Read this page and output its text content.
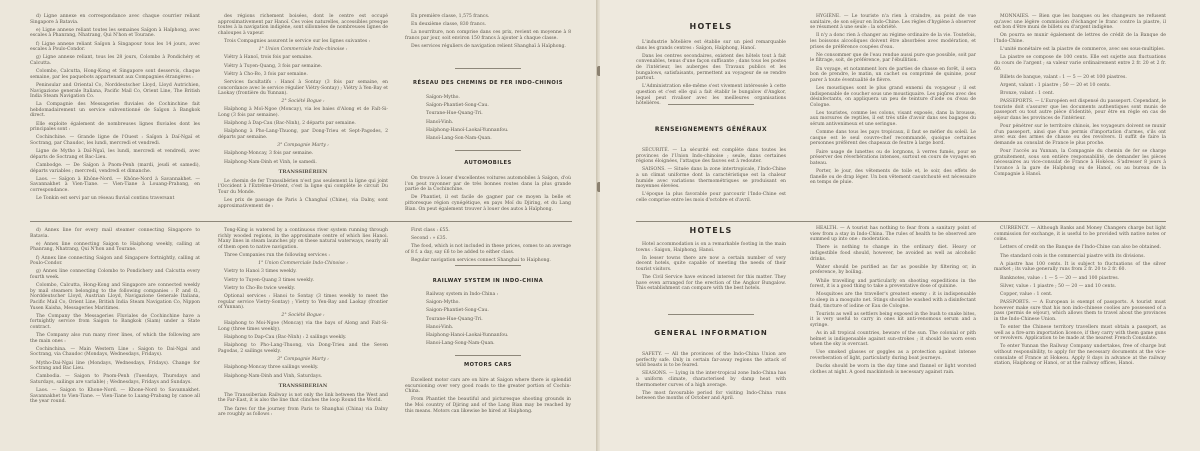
d) Ligne annexe en correspondance avec chaque courrier reliant Singapore à Batavia.

e) Ligne annexe reliant toutes les semaines Saïgon à Haïphong, avec escales à Phanrang, Nhatrang, Qui N'hon et Tourane.

f) Ligne annexe reliant Saïgon à Singapour tous les 14 jours, avec escales à Poulo-Condor.

g) Ligne annexe reliant, tous les 28 jours, Colombo à Pondichéry et Calcutta.

Colombo, Calcutta, Hong-Kong et Singapore sont desservis, chaque semaine, par les paquebots appartenant aux Compagnies étrangères :

Peninsular and Oriental Co, Norddeutscher Lloyd, Lloyd Autrichien, Navigazione generale Italiana, Pacific Mail Co, Orient Line, The British India Steam Navigation Co.

La Compagnie des Messageries fluviales de Cochinchine fait hebdomadairement un service subventionné de Saïgon à Bangkok direct.

Elle exploite également de nombreuses lignes fluviales dont les principales sont :

Cochinchine. — Grande ligne de l'Ouest : Saïgon à Daï-Ngaï et Soctrang, par Chaudoc, les lundi, mercredi et vendredi.

Ligne de Mytho à Daï-Ngaï, les lundi, mercredi et vendredi, avec départs de Soctrang et Bac-Lieu.

Cambodge. — De Saïgon à Pnom-Penh (mardi, jeudi et samedi), départs variables ; mercredi, vendredi et dimanche.

Laos. — Saïgon à Khône-Nord. — Khône-Nord à Savannakhet. — Savannakhet à Vien-Tiane. — Vien-Tiane à Louang-Prabang, en correspondance.

Le Tonkin est servi par un réseau fluvial continu traversant

des régions richement boisées, dont le centre est occupé approximativement par Hanoï. Ces voies naturelles, accessibles presque toutes à la navigation indigène, sont sillonnées de nombreuses lignes de chaloupes à vapeur.

Trois Compagnies assurent le service sur les lignes suivantes :

1° Union Commerciale Indo-chinoise :

Viétry à Hanoï, trois fois par semaine.

Viétry à Tuyen-Quang, 3 fois par semaine.

Viétry à Cho-Bo, 3 fois par semaine.

Services facultatifs : Hanoï à Sontay (3 fois par semaine, en concordance avec le service régulier Viétry-Sontay) ; Viétry à Yen-Bay et Laokay (frontière du Yunnan).

2° Société Bogue :

Haïphong à Moï-Ngoe (Moncay), via les baies d'Along et de Faït-Si-Long (3 fois par semaine).

Haïphong à Dap-Cau (Bac-Ninh), 2 départs par semaine.

Haïphong à Pho-Lang-Thuong, par Dong-Trieu et Sept-Pagodes, 2 départs par semaine.

3° Compagnie Marty :

Haïphong-Moncay, 3 fois par semaine.

Haïphong-Nam-Dinh et Vinh, le samedi.

TRANSSIBÉRIEN

Le chemin de fer Transsibérien n'est pas seulement la ligne qui joint l'Occident à l'Extrême-Orient, c'est la ligne qui complète le circuit Du Tour du Monde.

Les prix de passage de Paris à Changhaï (Chine), via Dalny, sont approximativement de :

En première classe, 1,575 francs.

En deuxième classe, 830 francs.

La nourriture, non comprise dans ces prix, revient en moyenne à 8 francs par jour, soit environ 150 francs à ajouter à chaque classe.

Des services réguliers de navigation relient Shanghaï à Haïphong.

RÉSEAU DES CHEMINS DE FER INDO-CHINOIS

Saïgon-Mytho.

Saïgon-Phantiet-Song-Cau.

Tourane-Hue-Quang-Tri.

Hanoï-Vinh.

Haïphong-Hanoï-Laokaï-Yunnanfou.

Hanoï-Lang-Son-Nam-Quan.

AUTOMOBILES

On trouve à louer d'excellentes voitures automobiles à Saïgon, d'où l'on peut rayonner par de très bonnes routes dans la plus grande partie de la Cochinchine.

De Phantiet, il est facile de gagner par ce moyen la belle et pittoresque région cynégétique, en pays Moï du Djiring, et du Lang Bian. On peut également trouver à louer des autos à Haïphong.

d) Annex line for every mail steamer connecting Singapore to Batavia.

e) Annex line connecting Saigon to Haiphong weekly, calling at Phanrang, Nhatrang, Qui N'hon and Tourane.

f) Annex line connecting Saigon and Singapore fortnightly, calling at Poulo-Condor.

g) Annex line connecting Colombo to Pondichery and Calcutta every fourth week.

Colombo, Calcutta, Hong-Kong and Singapore are connected weekly by mail steamers belonging to the following companies : P. and O., Norddeutscher Lloyd, Austrian Lloyd, Navigazione Generale Italiana, Pacific Mail Co, Orient Line, British India Steam Navigation Co, Nippon Yusen Kaisha, Messageries Maritimes.

The Company the Messageries Fluviales de Cochinchine have a fortnightly service from Saigon to Bangkok (Siam) under a State contract.

The Company also run many river lines, of which the following are the main ones :

Cochinchina. — Main Western Line : Saigon to Dai-Ngai and Soctrang, via Chaudoc (Mondays, Wednesdays, Fridays).

Mytho-Dai-Ngai line (Mondays, Wednesdays, Fridays). Change for Soctrang and Bac Lieu.

Cambodia. — Saigon to Pnom-Penh (Tuesdays, Thursdays and Saturdays, sailings are variable) ; Wednesdays, Fridays and Sundays.

Laos. — Saigon to Khone-Nord. — Khone-Nord to Savannakhet. Savannakhet to Vien-Tiane. — Vien-Tiane to Luang-Prabang by canoe all the year round.

Tong-King is watered by a continuous river system running through richly wooded regions, in the approximate centre of which lies Hanoi. Many lines in steam launches ply on these natural waterways, nearly all of them open to native navigation.

Three Companies run the following services :

1° Union Commerciale Indo-Chinoise :

Vietry to Hanoi 3 times weekly.

Vietry to Tuyen-Quang 3 times weekly.

Vietry to Cho-Bo twice weekly.

Optional services : Hanoi to Sontay (3 times weekly to meet the regular service Vietry-Sontay) ; Vietry to Yen-Bay and Laokay (frontier of Yunnan).

2° Société Bogue :

Haiphong to Moi-Ngoe (Moncay) via the bays of Along and Fait-Si-Long (three times weekly).

Haiphong to Dap-Cau (Bac-Ninh) : 2 sailings weekly.

Haiphong to Pho-Lang-Thuong, via Dong-Trieu and the Seven Pagodas, 2 sailings weekly.

3° Compagnie Marty :

Haiphong-Moncay three sailings weekly.

Haiphong-Nam-Dinh and Vinh, Saturdays.

TRANSSIBERIAN

The Transsiberian Railway is not only the link between the West and the Far-East, it is also the line that clinches the loop Round the World.

The fares for the journey from Paris to Shanghai (China) via Dalny are roughly as follows :

First class : £55.

Second : » £35.

The food, which is not included in these prices, comes to an average of 8 f. a day, say £6 to be added to either class.

Regular navigation services connect Shanghai to Haiphong.

RAILWAY SYSTEM IN INDO-CHINA

Railway system in Indo-China :

Saigon-Mytho.

Saigon-Phantiet-Song-Cau.

Tourane-Hue-Quang-Tri.

Hanoi-Vinh.

Haiphong-Hanoi-Laokai-Yunnanfou.

Hanoi-Lang-Song-Nam-Quan.

MOTORS CARS

Excellent motor cars are on hire at Saigon where there is splendid excursioning over very good roads to the greater portion of Cochin-China.

From Phantiet the beautiful and picturesque shooting grounds in the Moi country of Djiring and of the Lang Bian may be reached by this means. Motors can likewise be hired at Haiphong.

HOTELS

L'industrie hôtelière est établie sur un pied remarquable dans les grands centres : Saïgon, Haïphong, Hanoï.

Dans les centres secondaires, existent des hôtels tout à fait convenables, tenus d'une façon suffisante ; dans tous les postes de l'intérieur, les auberges des Travaux publics et les bungalows, satisfaisants, permettent au voyageur de se rendre partout.

L'Administration elle-même s'est vivement intéressée à cette question et c'est elle qui a fait établir le bungalow d'Angkor, lequel peut rivaliser avec les meilleures organisations hôtelières.

RENSEIGNEMENTS GÉNÉRAUX

SÉCURITÉ. — La sécurité est complète dans toutes les provinces de l'Union Indo-chinoise ; seule, dans certaines régions éloignées, l'attaque des fauves est à redouter.

SAISONS. — Située dans la zone intertropicale, l'Indo-Chine a un climat uniforme dont la caractéristique est la chaleur humide avec variations thermométriques se produisant en moyennes élevées.

L'époque la plus favorable pour parcourir l'Indo-Chine est celle comprise entre les mois d'octobre et d'avril.

HYGIÈNE. — Le touriste n'a rien à craindre, au point de vue sanitaire, de son séjour en Indo-Chine. Les règles d'hygiène à observer se résument à une seule : la sobriété.

Il n'y a donc rien à changer au régime ordinaire de la vie. Toutefois, les boissons alcooliques doivent être absorbées avec modération, et prises de préférence coupées d'eau.

Ne consommer que de l'eau rendue aussi pure que possible, soit par le filtrage, soit, de préférence, par l'ébullition.

En voyage, et notamment lors de parties de chasse en forêt, il sera bon de prendre, le matin, un cachet ou comprimé de quinine, pour parer à toute éventualité de fièvre.

Les moustiques sont le plus grand ennemi du voyageur ; il est indispensable de coucher sous une moustiquaire. Les piqûres avec des désinfectants, on appliquera un peu de teinture d'iode ou d'eau de Cologne.

Les touristes, comme les colons, visant exposés, dans la brousse, aux morsures de reptiles, il est très utile d'avoir dans ses bagages du sérum antivenimeux et une seringue.

Comme dans tous les pays tropicaux, il faut se méfier du soleil. Le casque est le seul couvre-chef recommandé, quoique certaines personnes préfèrent des chapeaux de feutre à large bord.

Faire usage de lunettes ou de lorgnons, à verres fumés, pour se préserver des réverbérations intenses, surtout en cours de voyages en bateau.

Porter, le jour, des vêtements de toile et, le soir, des effets de flanelle ou de drap léger. Un bon vêtement caoutchouté est nécessaire en temps de pluie.

MONNAIES. — Bien que les banques ou les changeurs ne refusent qu'avec une légère commission d'échanger le franc contre la piastre, il est bon d'être muni de billets ou d'argent indigène.

On pourra se munir également de lettres de crédit de la Banque de l'Indo-Chine.

L'unité monétaire est la piastre de commerce, avec ses sous-multiples.

La piastre se compose de 100 cents. Elle est sujette aux fluctuations du cours de l'argent ; sa valeur varie ordinairement entre 2 fr. 20 et 2 fr. 60.

Billets de banque, valant : 1 — 5 — 20 et 100 piastres.

Argent, valant : 1 piastre ; 50 — 20 et 10 cents.

Bronze, valant : 1 cent.

PASSEPORTS. — L'Européen est dispensé du passeport. Cependant, le touriste doit s'assurer que les documents authentiques sont munis de passeport ou tout autre pièce d'identité, pour être en règle en cas de séjour dans les provinces de l'intérieur.

Pour pénétrer sur le territoire chinois, les voyageurs doivent se munir d'un passeport, ainsi que d'un permis d'importation d'armes, s'ils ont avec eux des armes de chasse ou des revolvers. Il suffit de faire la demande au consulat de France le plus proche.

Pour l'accès au Yunnan, la Compagnie du chemin de fer se charge gratuitement, sous son entière responsabilité, de demander les pièces nécessaires au vice-consulat de France à Hokéou. S'adresser 8 jours à l'avance à la gare de Haïphong ou de Hanoï, ou au bureau de la Compagnie à Hanoï.

HOTELS

Hotel accommodation is on a remarkable footing in the main towns : Saigon, Haiphong, Hanoi.

In lesser towns there are now a certain number of very decent hotels, quite capable of meeting the needs of their tourist visitors.

The Civil Service have evinced interest for this matter. They have even arranged for the erection of the Angkor Bungalow. This establishment can compare with the best hotels.

GENERAL INFORMATION

SAFETY. — All the provinces of the Indo-China Union are perfectly safe. Only in certain far-away regions the attack of wild beasts is to be feared.

SEASONS. — Lying in the inter-tropical zone Indo-China has a uniform climate, characterised by damp heat with thermometer curves of a high average.

The most favourable period for visiting Indo-China runs between the months of October and April.

HEALTH. — A tourist has nothing to fear from a sanitary point of view from a stay in Indo-China. The rules of health to be observed are summed up into one : moderation.

There is nothing to change in the ordinary diet. Heavy or indigestible food should, however, be avoided as well as alcoholic drinks.

Water should be purified as far as possible by filtering or, in preference, by boiling.

While travelling and particularly on shooting expeditions in the forest, it is a good thing to take a preventative dose of quinine.

Mosquitoes are the traveller's greatest enemy : it is indispensable to sleep in a mosquito net. Stings should be washed with a disinfectant fluid, tincture of iodine or Eau de Cologne.

Tourists as well as settlers being exposed in the bush to snake bites, it is very useful to carry in ones kit anti-venomous serum and a syringe.

As in all tropical countries, beware of the sun. The colonial or pith helmet is indispensable against sun-strokes ; it should be worn even when the sky is overcast.

Use smoked glasses or goggles as a protection against intense reverberation of light, particularly during boat journeys.

Ducks should be worn in the day time and flannel or light worsted clothes at night. A good mackintosh is necessary against rain.

CURRENCY. — Although Banks and Money Changers charge but light commission for exchange, it is useful to be provided with native notes or coins.

Letters of credit on the Banque de l'Indo-Chine can also be obtained.

The standard coin is the commercial piastre with its divisions.

A piastre has 100 cents. It is subject to fluctuations of the silver market ; its value generally runs from 2 fr. 20 to 2 fr. 60.

Banknotes, value : 1 — 5 — 20 — and 100 piastres.

Silver, value : 1 piastre ; 50 — 20 — and 10 cents.

Copper, value : 1 cent.

PASSPORTS. — A European is exempt of passports. A tourist must however make sure that his non indo-chinese coolies are possessed of a pass (permis de séjour), which allows them to travel about the provinces in the Indo-Chinese Union.

To enter the Chinese territory travellers must obtain a passport, as well as a fire-arm importation licence, if they carry with them game guns or revolvers. Application to be made at the nearest French Consulate.

To enter Yunnan the Railway Company undertakes, free of charge but without responsibility, to apply for the necessary documents at the vice-consulate of France at Hokeou. Apply 8 days in advance at the railway station, Haiphong or Hanoi, or at the railway offices, Hanoi.
